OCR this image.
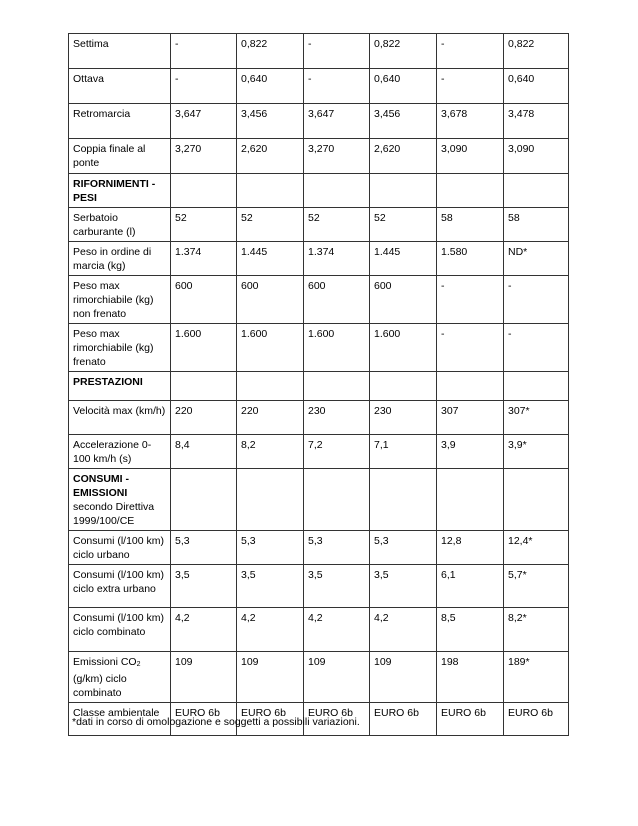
Settima	-	0,822	-	0,822	-	0,822
Ottava	-	0,640	-	0,640	-	0,640
Retromarcia	3,647	3,456	3,647	3,456	3,678	3,478
Coppia finale al ponte	3,270	2,620	3,270	2,620	3,090	3,090
RIFORNIMENTI - PESI						
Serbatoio carburante (l)	52	52	52	52	58	58
Peso in ordine di marcia (kg)	1.374	1.445	1.374	1.445	1.580	ND*
Peso max rimorchiabile (kg) non frenato	600	600	600	600	-	-
Peso max rimorchiabile (kg) frenato	1.600	1.600	1.600	1.600	-	-
PRESTAZIONI						
Velocità max (km/h)	220	220	230	230	307	307*
Accelerazione 0-100 km/h (s)	8,4	8,2	7,2	7,1	3,9	3,9*
CONSUMI - EMISSIONI
secondo Direttiva 1999/100/CE						
Consumi (l/100 km) ciclo urbano	5,3	5,3	5,3	5,3	12,8	12,4*
Consumi (l/100 km) ciclo extra urbano	3,5	3,5	3,5	3,5	6,1	5,7*
Consumi (l/100 km) ciclo combinato	4,2	4,2	4,2	4,2	8,5	8,2*
Emissioni $CO_2$ (g/km) ciclo combinato	109	109	109	109	198	189*
Classe ambientale	EURO 6b	EURO 6b	EURO 6b	EURO 6b	EURO 6b	EURO 6b
*dati in corso di omologazione e soggetti a possibili variazioni.
